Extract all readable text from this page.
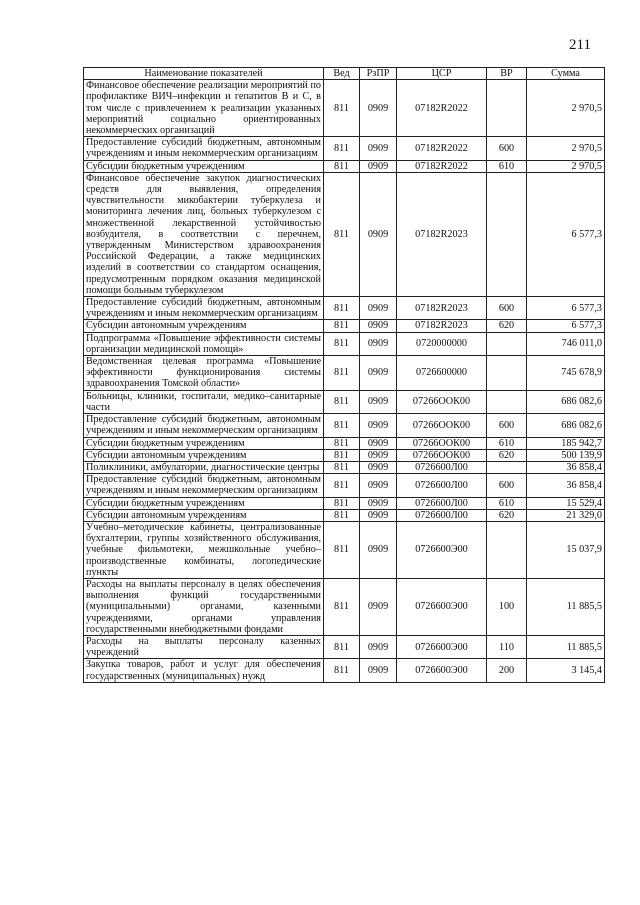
211
Наименование показателей	Вед	РзПР	ЦСР	ВР	Сумма
Финансовое обеспечение реализации мероприятий по профилактике ВИЧ–инфекции и гепатитов В и С, в том числе с привлечением к реализации указанных мероприятий социально ориентированных некоммерческих организаций	811	0909	07182R2022		2 970,5
Предоставление субсидий бюджетным, автономным учреждениям и иным некоммерческим организациям	811	0909	07182R2022	600	2 970,5
Субсидии бюджетным учреждениям	811	0909	07182R2022	610	2 970,5
Финансовое обеспечение закупок диагностических средств для выявления, определения чувствительности микобактерии туберкулеза и мониторинга лечения лиц, больных туберкулезом с множественной лекарственной устойчивостью возбудителя, в соответствии с перечнем, утвержденным Министерством здравоохранения Российской Федерации, а также медицинских изделий в соответствии со стандартом оснащения, предусмотренным порядком оказания медицинской помощи больным туберкулезом	811	0909	07182R2023		6 577,3
Предоставление субсидий бюджетным, автономным учреждениям и иным некоммерческим организациям	811	0909	07182R2023	600	6 577,3
Субсидии автономным учреждениям	811	0909	07182R2023	620	6 577,3
Подпрограмма «Повышение эффективности системы организации медицинской помощи»	811	0909	0720000000		746 011,0
Ведомственная целевая программа «Повышение эффективности функционирования системы здравоохранения Томской области»	811	0909	0726600000		745 678,9
Больницы, клиники, госпитали, медико–санитарные части	811	0909	07266ООК00		686 082,6
Предоставление субсидий бюджетным, автономным учреждениям и иным некоммерческим организациям	811	0909	07266ООК00	600	686 082,6
Субсидии бюджетным учреждениям	811	0909	07266ООК00	610	185 942,7
Субсидии автономным учреждениям	811	0909	07266ООК00	620	500 139,9
Поликлиники, амбулатории, диагностические центры	811	0909	0726600Л00		36 858,4
Предоставление субсидий бюджетным, автономным учреждениям и иным некоммерческим организациям	811	0909	0726600Л00	600	36 858,4
Субсидии бюджетным учреждениям	811	0909	0726600Л00	610	15 529,4
Субсидии автономным учреждениям	811	0909	0726600Л00	620	21 329,0
Учебно–методические кабинеты, централизованные бухгалтерии, группы хозяйственного обслуживания, учебные фильмотеки, межшкольные учебно–производственные комбинаты, логопедические пункты	811	0909	0726600Э00		15 037,9
Расходы на выплаты персоналу в целях обеспечения выполнения функций государственными (муниципальными) органами, казенными учреждениями, органами управления государственными внебюджетными фондами	811	0909	0726600Э00	100	11 885,5
Расходы на выплаты персоналу казенных учреждений	811	0909	0726600Э00	110	11 885,5
Закупка товаров, работ и услуг для обеспечения государственных (муниципальных) нужд	811	0909	0726600Э00	200	3 145,4
